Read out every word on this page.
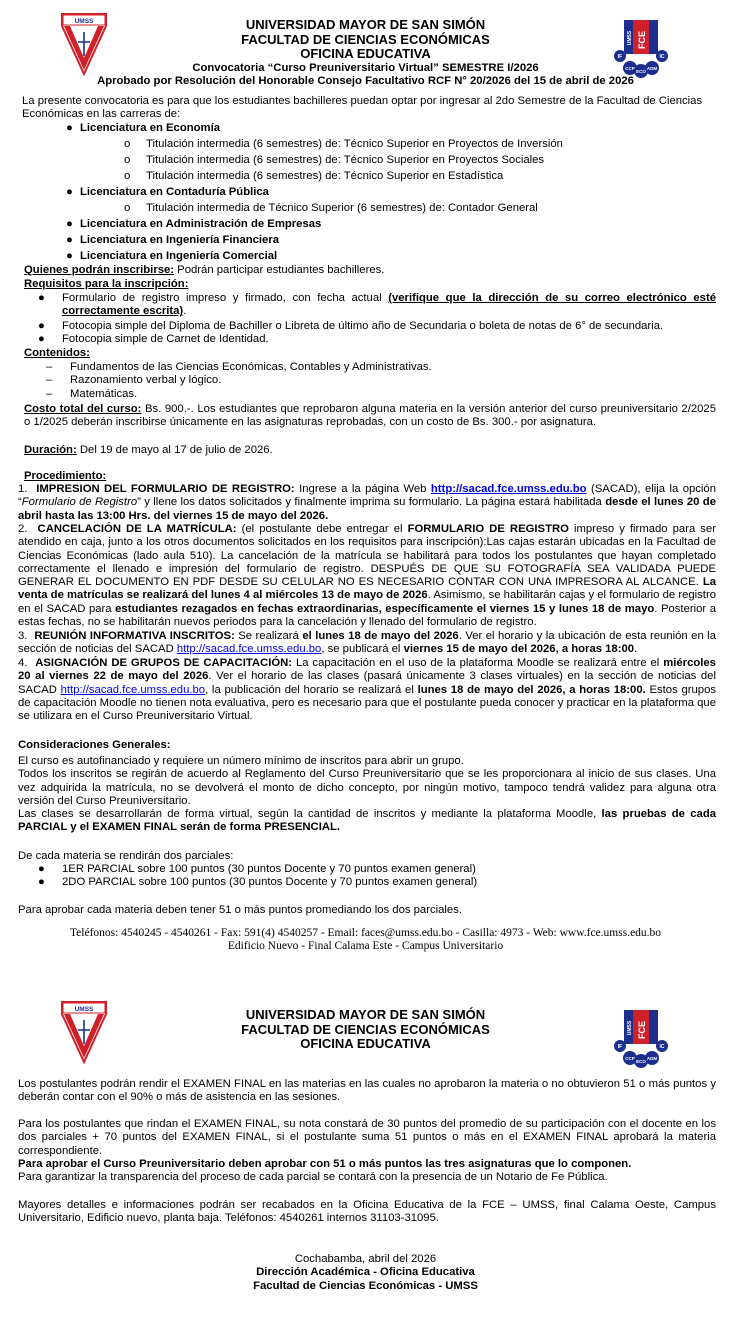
UMSS
FCE
UMSS
IF	IC
CCP
ECO
ADM
UNIVERSIDAD MAYOR DE SAN SIMÓN
FACULTAD DE CIENCIAS ECONÓMICAS
OFICINA EDUCATIVA
Convocatoria “Curso Preuniversitario Virtual” SEMESTRE I/2026
Aprobado por Resolución del Honorable Consejo Facultativo RCF N° 20/2026 del 15 de abril de 2026

La presente convocatoria es para que los estudiantes bachilleres puedan optar por ingresar al 2do Semestre de la Facultad de Ciencias Económicas en las carreras de:

● Licenciatura en Economía
o Titulación intermedia (6 semestres) de: Técnico Superior en Proyectos de Inversión
o Titulación intermedia (6 semestres) de: Técnico Superior en Proyectos Sociales
o Titulación intermedia (6 semestres) de: Técnico Superior en Estadística
● Licenciatura en Contaduría Pública
o Titulación intermedia de Técnico Superior (6 semestres) de: Contador General
● Licenciatura en Administración de Empresas
● Licenciatura en Ingeniería Financiera
● Licenciatura en Ingeniería Comercial
Quienes podrán inscribirse: Podrán participar estudiantes bachilleres.
Requisitos para la inscripción:
● Formulario de registro impreso y firmado, con fecha actual (verifique que la dirección de su correo electrónico esté correctamente escrita).
● Fotocopia simple del Diploma de Bachiller o Libreta de último año de Secundaria o boleta de notas de 6° de secundaria.
● Fotocopia simple de Carnet de Identidad.
Contenidos:
– Fundamentos de las Ciencias Económicas, Contables y Administrativas.
– Razonamiento verbal y lógico.
– Matemáticas.
Costo total del curso: Bs. 900.-. Los estudiantes que reprobaron alguna materia en la versión anterior del curso preuniversitario 2/2025 o 1/2025 deberán inscribirse únicamente en las asignaturas reprobadas, con un costo de Bs. 300.- por asignatura.
Duración: Del 19 de mayo al 17 de julio de 2026.
Procedimiento:
1. IMPRESION DEL FORMULARIO DE REGISTRO: Ingrese a la página Web http://sacad.fce.umss.edu.bo (SACAD), elija la opción “Formulario de Registro” y llene los datos solicitados y finalmente imprima su formulario. La página estará habilitada desde el lunes 20 de abril hasta las 13:00 Hrs. del viernes 15 de mayo del 2026.
2. CANCELACIÓN DE LA MATRÍCULA: (el postulante debe entregar el FORMULARIO DE REGISTRO impreso y firmado para ser atendido en caja, junto a los otros documentos solicitados en los requisitos para inscripción):Las cajas estarán ubicadas en la Facultad de Ciencias Económicas (lado aula 510). La cancelación de la matrícula se habilitará para todos los postulantes que hayan completado correctamente el llenado e impresión del formulario de registro. DESPUÉS DE QUE SU FOTOGRAFÍA SEA VALIDADA PUEDE GENERAR EL DOCUMENTO EN PDF DESDE SU CELULAR NO ES NECESARIO CONTAR CON UNA IMPRESORA AL ALCANCE. La venta de matrículas se realizará del lunes 4 al miércoles 13 de mayo de 2026. Asimismo, se habilitarán cajas y el formulario de registro en el SACAD para estudiantes rezagados en fechas extraordinarias, específicamente el viernes 15 y lunes 18 de mayo. Posterior a estas fechas, no se habilitarán nuevos periodos para la cancelación y llenado del formulario de registro.
3. REUNIÓN INFORMATIVA INSCRITOS: Se realizará el lunes 18 de mayo del 2026. Ver el horario y la ubicación de esta reunión en la sección de noticias del SACAD http://sacad.fce.umss.edu.bo, se publicará el viernes 15 de mayo del 2026, a horas 18:00.
4. ASIGNACIÓN DE GRUPOS DE CAPACITACIÓN: La capacitación en el uso de la plataforma Moodle se realizará entre el miércoles 20 al viernes 22 de mayo del 2026. Ver el horario de las clases (pasará únicamente 3 clases virtuales) en la sección de noticias del SACAD http://sacad.fce.umss.edu.bo, la publicación del horario se realizará el lunes 18 de mayo del 2026, a horas 18:00. Estos grupos de capacitación Moodle no tienen nota evaluativa, pero es necesario para que el postulante pueda conocer y practicar en la plataforma que se utilizara en el Curso Preuniversitario Virtual.
Consideraciones Generales:

El curso es autofinanciado y requiere un número mínimo de inscritos para abrir un grupo.

Todos los inscritos se regirán de acuerdo al Reglamento del Curso Preuniversitario que se les proporcionara al inicio de sus clases. Una vez adquirida la matrícula, no se devolverá el monto de dicho concepto, por ningún motivo, tampoco tendrá validez para alguna otra versión del Curso Preuniversitario.

Las clases se desarrollarán de forma virtual, según la cantidad de inscritos y mediante la plataforma Moodle, las pruebas de cada PARCIAL y el EXAMEN FINAL serán de forma PRESENCIAL.

De cada materia se rendirán dos parciales:
● 1ER PARCIAL sobre 100 puntos (30 puntos Docente y 70 puntos examen general)
● 2DO PARCIAL sobre 100 puntos (30 puntos Docente y 70 puntos examen general)
Para aprobar cada materia deben tener 51 o más puntos promediando los dos parciales.
Teléfonos: 4540245 - 4540261 - Fax: 591(4) 4540257 - Email: faces@umss.edu.bo - Casilla: 4973 - Web: www.fce.umss.edu.bo
Edificio Nuevo - Final Calama Este - Campus Universitario
UMSS
FCE
UMSS
IF	IC
CCP
ECO
ADM
UNIVERSIDAD MAYOR DE SAN SIMÓN
FACULTAD DE CIENCIAS ECONÓMICAS
OFICINA EDUCATIVA

Los postulantes podrán rendir el EXAMEN FINAL en las materias en las cuales no aprobaron la materia o no obtuvieron 51 o más puntos y deberán contar con el 90% o más de asistencia en las sesiones.

Para los postulantes que rindan el EXAMEN FINAL, su nota constará de 30 puntos del promedio de su participación con el docente en los dos parciales + 70 puntos del EXAMEN FINAL, si el postulante suma 51 puntos o más en el EXAMEN FINAL aprobará la materia correspondiente.

Para aprobar el Curso Preuniversitario deben aprobar con 51 o más puntos las tres asignaturas que lo componen.

Para garantizar la transparencia del proceso de cada parcial se contará con la presencia de un Notario de Fe Pública.

Mayores detalles e informaciones podrán ser recabados en la Oficina Educativa de la FCE – UMSS, final Calama Oeste, Campus Universitario, Edificio nuevo, planta baja. Teléfonos: 4540261 internos 31103-31095.

Cochabamba, abril del 2026
Dirección Académica - Oficina Educativa
Facultad de Ciencias Económicas - UMSS
